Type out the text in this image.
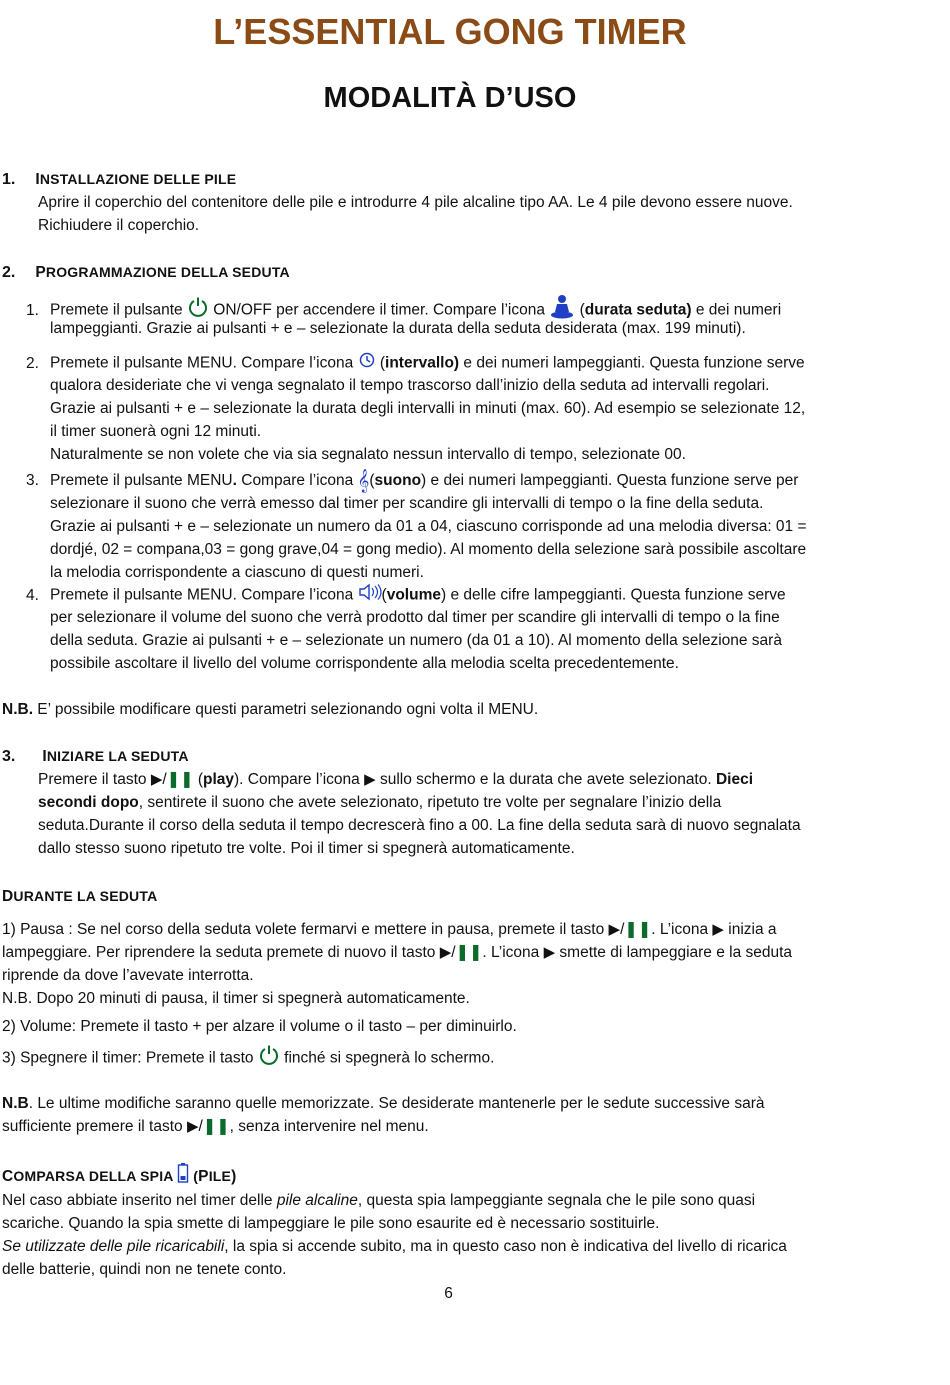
L’ESSENTIAL GONG TIMER
MODALITÀ D’USO
1. INSTALLAZIONE DELLE PILE

Aprire il coperchio del contenitore delle pile e introdurre 4 pile alcaline tipo AA. Le 4 pile devono essere nuove.

Richiudere il coperchio.

2. PROGRAMMAZIONE DELLA SEDUTA
1. Premete il pulsante  ON/OFF per accendere il timer. Compare l’icona  (durata seduta) e dei numeri

lampeggianti. Grazie ai pulsanti + e – selezionate la durata della seduta desiderata (max. 199 minuti).

2. Premete il pulsante MENU. Compare l’icona  (intervallo) e dei numeri lampeggianti. Questa funzione serve

qualora desideriate che vi venga segnalato il tempo trascorso dall’inizio della seduta ad intervalli regolari.

Grazie ai pulsanti + e – selezionate la durata degli intervalli in minuti (max. 60). Ad esempio se selezionate 12,

il timer suonerà ogni 12 minuti.

Naturalmente se non volete che via sia segnalato nessun intervallo di tempo, selezionate 00.

3. Premete il pulsante MENU. Compare l’icona 𝄞(suono) e dei numeri lampeggianti. Questa funzione serve per

selezionare il suono che verrà emesso dal timer per scandire gli intervalli di tempo o la fine della seduta.

Grazie ai pulsanti + e – selezionate un numero da 01 a 04, ciascuno corrisponde ad una melodia diversa: 01 =

dordjé, 02 = compana,03 = gong grave,04 = gong medio). Al momento della selezione sarà possibile ascoltare

la melodia corrispondente a ciascuno di questi numeri.

4. Premete il pulsante MENU. Compare l’icona (volume) e delle cifre lampeggianti. Questa funzione serve

per selezionare il volume del suono che verrà prodotto dal timer per scandire gli intervalli di tempo o la fine

della seduta. Grazie ai pulsanti + e – selezionate un numero (da 01 a 10). Al momento della selezione sarà

possibile ascoltare il livello del volume corrispondente alla melodia scelta precedentemente.

N.B. E’ possibile modificare questi parametri selezionando ogni volta il MENU.
3. INIZIARE LA SEDUTA

Premere il tasto ▶/❚❚ (play). Compare l’icona ▶ sullo schermo e la durata che avete selezionato. Dieci

secondi dopo, sentirete il suono che avete selezionato, ripetuto tre volte per segnalare l’inizio della

seduta.Durante il corso della seduta il tempo decrescerà fino a 00. La fine della seduta sarà di nuovo segnalata

dallo stesso suono ripetuto tre volte. Poi il timer si spegnerà automaticamente.

DURANTE LA SEDUTA

1) Pausa : Se nel corso della seduta volete fermarvi e mettere in pausa, premete il tasto ▶/❚❚. L’icona ▶ inizia a

lampeggiare. Per riprendere la seduta premete di nuovo il tasto ▶/❚❚. L’icona ▶ smette di lampeggiare e la seduta

riprende da dove l’avevate interrotta.

N.B. Dopo 20 minuti di pausa, il timer si spegnerà automaticamente.

2) Volume: Premete il tasto + per alzare il volume o il tasto – per diminuirlo.

3) Spegnere il timer: Premete il tasto  finché si spegnerà lo schermo.

N.B. Le ultime modifiche saranno quelle memorizzate. Se desiderate mantenerle per le sedute successive sarà

sufficiente premere il tasto ▶/❚❚, senza intervenire nel menu.

COMPARSA DELLA SPIA  (PILE)

Nel caso abbiate inserito nel timer delle pile alcaline, questa spia lampeggiante segnala che le pile sono quasi

scariche. Quando la spia smette di lampeggiare le pile sono esaurite ed è necessario sostituirle.

Se utilizzate delle pile ricaricabili, la spia si accende subito, ma in questo caso non è indicativa del livello di ricarica

delle batterie, quindi non ne tenete conto.

6
